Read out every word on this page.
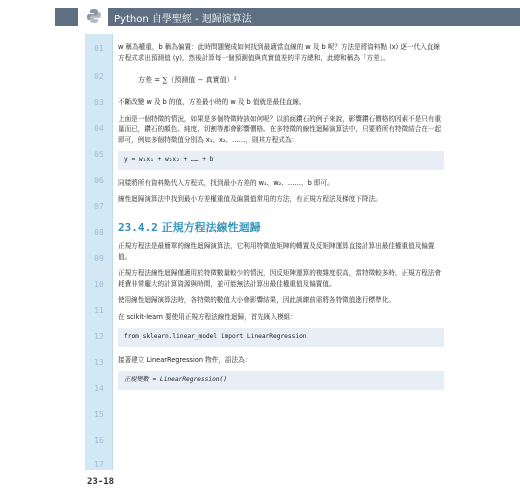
Python 自學聖經 - 迴歸演算法
01
02
03
04
05
06
07
08
09
10
11
12
13
14
15
16
17

w 稱為權重，b 稱為偏置：此時問題變成如何找到最適當直線的 w 及 b 呢？方法是將資料點 (x) 逐一代入直線方程式求出預測值 (y)，然後計算每一個預測值與真實值差的平方總和，此總和稱為「方差」。

方差 = ∑（預測值 − 真實值）²

不斷改變 w 及 b 的值，方差最小時的 w 及 b 值就是最佳直線。

上面是一個特徵的情況，如果是多個特徵時該如何呢？以前面鑽石的例子來說，影響鑽石價格的因素不是只有重量而已，鑽石的顏色、純度、切割等都會影響價格。在多特徵的線性迴歸演算法中，只要將所有特徵結合在一起即可，例如多個特徵值分別為 x₁、x₂、……，則其方程式為：

y = w₁x₁ + w₂x₂ + …… + b

同樣將所有資料點代入方程式，找到最小方差的 w₁、w₂、……、b 即可。

線性迴歸演算法中找到最小方差權重值及偏置值常用的方法，有正規方程法及梯度下降法。

23.4.2 正規方程法線性迴歸

正規方程法是最簡單的線性迴歸演算法，它利用特徵值矩陣的轉置及反矩陣運算直接計算出最佳權重值及偏置值。

正規方程法線性迴歸僅適用於特徵數量較少的情況，因反矩陣運算的複雜度很高，當特徵較多時，正規方程法會耗費非常龐大的計算資源與時間，並可能無法計算出最佳權重值及偏置值。

使用線性迴歸演算法時，各特徵的數值大小會影響結果，因此訓練前需將各特徵值進行標準化。

在 scikit-learn 要使用正規方程法線性迴歸，首先匯入模組：

from sklearn.linear_model import LinearRegression

接著建立 LinearRegression 物件，語法為：

正規變數 = LinearRegression()
23-18
